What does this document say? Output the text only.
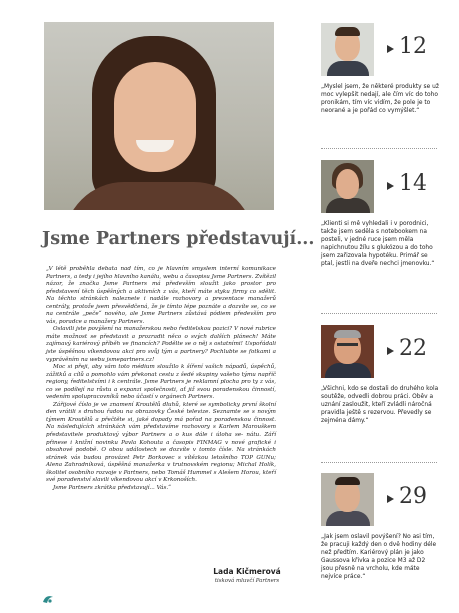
Jsme Partners představují...

„V létě proběhla debata nad tím, co je hlavním smyslem interní komunikace Partners, a tedy i jejího hlavního kanálu, webu a časopisu Jsme Partners. Zvítězil názor, že značka Jsme Partners má především sloužit jako prostor pro představení těch úspěšných a aktivních z vás, kteří máte styku firmy co sdělit. Na těchto stránkách naleznete i nadále rozhovory a prezentace manažerů centrály, protože jsem přesvědčená, že je tímto lépe poznáte a dozvíte se, co se na centrále „peče“ nového, ale Jsme Partners zůstává pódiem především pro vás, poradce a manažery Partners.

Oslavili jste povýšení na manažerskou nebo ředitelskou pozici? V nové rubrice máte možnost se představit a prozradit něco o svých dalších plánech! Máte zajímavý kariérový příběh ve financích? Podělte se o něj s ostatními! Uspořádali jste úspěšnou víkendovou akci pro svůj tým a partnery? Pochlubte se fotkami a vyprávěním na webu jsmepartners.cz!

Moc si přeji, aby vám toto médium sloužilo k šíření vašich nápadů, úspěchů, zážitků a cílů a pomohlo vám překonat cestu z šedé skupiny vašeho týmu napříč regiony, ředitelstvími i k centrále. Jsme Partners je reklamní plocha pro ty z vás, co se podílejí na růstu a expanzi společnosti, ať již svou poradenskou činností, vedením spolupracovníků nebo účastí v orgánech Partners.

Zářijové číslo je ve znamení Kroutělů dluhů, které se symbolicky první školní den vrátili s druhou řadou na obrazovky České televize. Seznamte se s novým týmem Kroutělů a přečtěte si, jaké dopady má pořad na poradenskou činnost. Na následujících stránkách vám představíme rozhovory s Karlem Marouškem představitele produktový výbor Partners a o kus dále i úloha se- nátu. Září přinese i knižní novinku Pavla Kohouta a časopis FINMAG v nové grafické i obsahové podobě. O obou událostech se dozvíte v tomto čísle. Na stránkách stránek vás budou provázet Petr Borkovec s vítězkou letošního TOP GUNu; Alena Zahradníková, úspěšná manažerka v trutnovském regionu; Michal Holík, školitel osobního rozvoje v Partners, nebo Tomáš Hummel s Alešem Horou, kteří své poradenství slavili víkendovou akcí v Krkonoších.

Jsme Partners zkrátka představují... Vás.“

Lada Kičmerová
tisková mluvčí Partners
12
„Myslel jsem, že některé produkty se už moc vylepšit nedají, ale čím víc do toho pronikám, tím víc vidím, že pole je to neorané a je pořád co vymýšlet.“
14
„Klienti si mě vyhledali i v porodnici, takže jsem seděla s notebookem na posteli, v jedné ruce jsem měla napichnutou žílu s glukózou a do toho jsem zařizovala hypotéku. Primář se ptal, jestli na dveře nechci jmenovku.“
22
„Všichni, kdo se dostali do druhého kola soutěže, odvedli dobrou práci. Oběv a uznání zasloužit, kteří zvládli náročná pravidla ještě s rezervou. Převedly se zejména dámy.“
29
„Jak jsem oslavil povýšení? No asi tím, že pracuji každý den o dvě hodiny déle než předtím. Kariérový plán je jako Gaussova křivka a pozice M3 až D2 jsou přesně na vrcholu, kde máte nejvíce práce.“
